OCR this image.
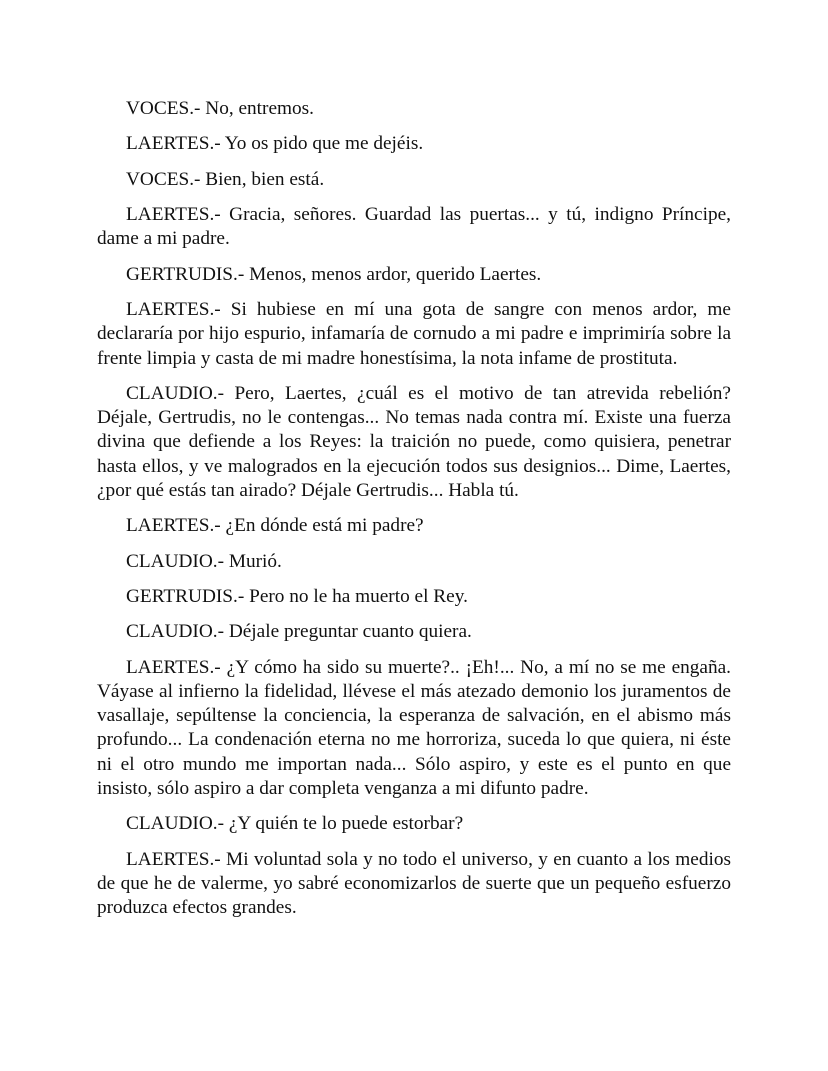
VOCES.- No, entremos.

LAERTES.- Yo os pido que me dejéis.

VOCES.- Bien, bien está.

LAERTES.- Gracia, señores. Guardad las puertas... y tú, indigno Príncipe, dame a mi padre.

GERTRUDIS.- Menos, menos ardor, querido Laertes.

LAERTES.- Si hubiese en mí una gota de sangre con menos ardor, me declararía por hijo espurio, infamaría de cornudo a mi padre e imprimiría sobre la frente limpia y casta de mi madre honestísima, la nota infame de prostituta.

CLAUDIO.- Pero, Laertes, ¿cuál es el motivo de tan atrevida rebelión? Déjale, Gertrudis, no le contengas... No temas nada contra mí. Existe una fuerza divina que defiende a los Reyes: la traición no puede, como quisiera, penetrar hasta ellos, y ve malogrados en la ejecución todos sus designios... Dime, Laertes, ¿por qué estás tan airado? Déjale Gertrudis... Habla tú.

LAERTES.- ¿En dónde está mi padre?

CLAUDIO.- Murió.

GERTRUDIS.- Pero no le ha muerto el Rey.

CLAUDIO.- Déjale preguntar cuanto quiera.

LAERTES.- ¿Y cómo ha sido su muerte?.. ¡Eh!... No, a mí no se me engaña. Váyase al infierno la fidelidad, llévese el más atezado demonio los juramentos de vasallaje, sepúltense la conciencia, la esperanza de salvación, en el abismo más profundo... La condenación eterna no me horroriza, suceda lo que quiera, ni éste ni el otro mundo me importan nada... Sólo aspiro, y este es el punto en que insisto, sólo aspiro a dar completa venganza a mi difunto padre.

CLAUDIO.- ¿Y quién te lo puede estorbar?

LAERTES.- Mi voluntad sola y no todo el universo, y en cuanto a los medios de que he de valerme, yo sabré economizarlos de suerte que un pequeño esfuerzo produzca efectos grandes.
